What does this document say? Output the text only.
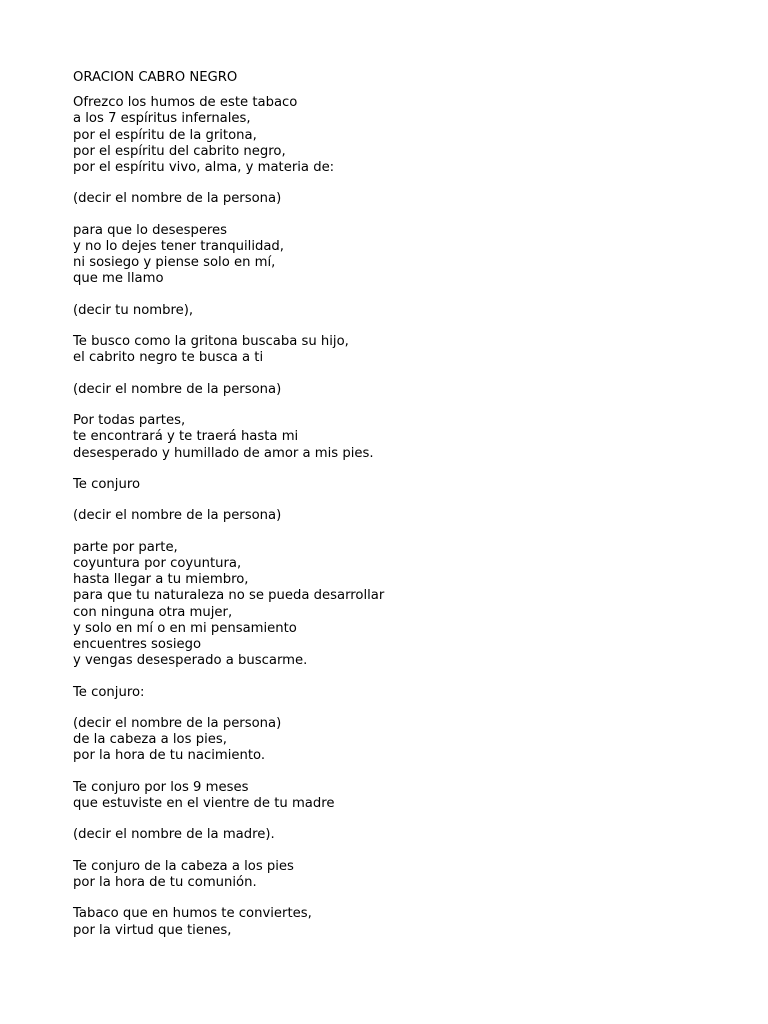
ORACION CABRO NEGRO
Ofrezco los humos de este tabaco
a los 7 espíritus infernales,
por el espíritu de la gritona,
por el espíritu del cabrito negro,
por el espíritu vivo, alma, y materia de:
(decir el nombre de la persona)
para que lo desesperes
y no lo dejes tener tranquilidad,
ni sosiego y piense solo en mí,
que me llamo
(decir tu nombre),
Te busco como la gritona buscaba su hijo,
el cabrito negro te busca a ti
(decir el nombre de la persona)
Por todas partes,
te encontrará y te traerá hasta mi
desesperado y humillado de amor a mis pies.
Te conjuro
(decir el nombre de la persona)
parte por parte,
coyuntura por coyuntura,
hasta llegar a tu miembro,
para que tu naturaleza no se pueda desarrollar
con ninguna otra mujer,
y solo en mí o en mi pensamiento
encuentres sosiego
y vengas desesperado a buscarme.
Te conjuro:
(decir el nombre de la persona)
de la cabeza a los pies,
por la hora de tu nacimiento.
Te conjuro por los 9 meses
que estuviste en el vientre de tu madre
(decir el nombre de la madre).
Te conjuro de la cabeza a los pies
por la hora de tu comunión.
Tabaco que en humos te conviertes,
por la virtud que tienes,
